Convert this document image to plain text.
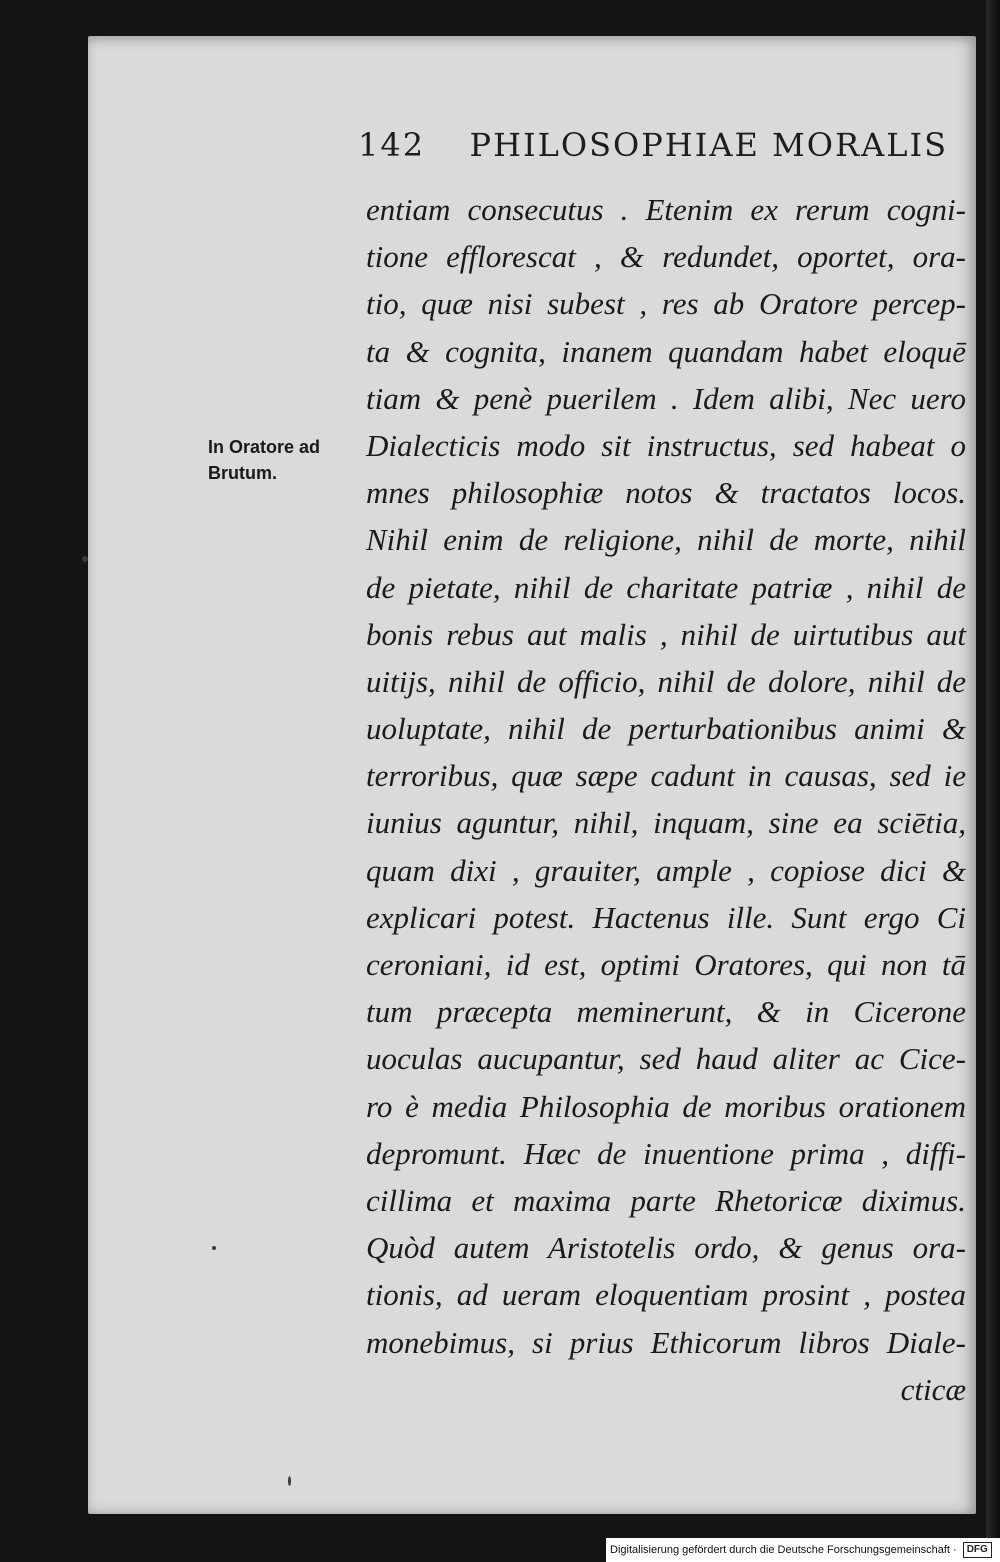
142 PHILOSOPHIAE MORALIS
In Oratore ad
Brutum.
entiam consecutus . Etenim ex rerum cogni-
tione efflorescat , & redundet, oportet, ora-
tio, quæ nisi subest , res ab Oratore percep-
ta & cognita, inanem quandam habet eloquē
tiam & penè puerilem . Idem alibi, Nec uero
Dialecticis modo sit instructus, sed habeat o
mnes philosophiæ notos & tractatos locos.
Nihil enim de religione, nihil de morte, nihil
de pietate, nihil de charitate patriæ , nihil de
bonis rebus aut malis , nihil de uirtutibus aut
uitijs, nihil de officio, nihil de dolore, nihil de
uoluptate, nihil de perturbationibus animi &
terroribus, quæ sæpe cadunt in causas, sed ie
iunius aguntur, nihil, inquam, sine ea sciētia,
quam dixi , grauiter, ample , copiose dici &
explicari potest. Hactenus ille. Sunt ergo Ci
ceroniani, id est, optimi Oratores, qui non tā
tum præcepta meminerunt, & in Cicerone
uoculas aucupantur, sed haud aliter ac Cice-
ro è media Philosophia de moribus orationem
depromunt. Hæc de inuentione prima , diffi-
cillima et maxima parte Rhetoricæ diximus.
Quòd autem Aristotelis ordo, & genus ora-
tionis, ad ueram eloquentiam prosint , postea
monebimus, si prius Ethicorum libros Diale-
cticæ
Digitalisierung gefördert durch die Deutsche Forschungsgemeinschaft ·	DFG
